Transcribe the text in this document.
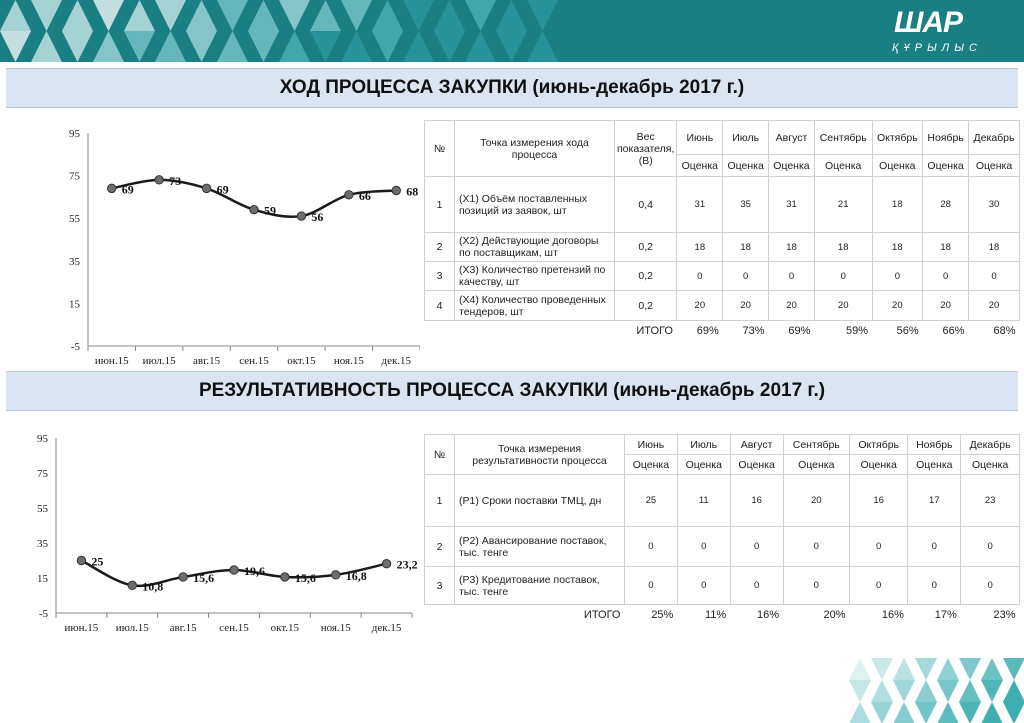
ШАР
ҚҰРЫЛЫС
ХОД ПРОЦЕССА ЗАКУПКИ (июнь-декабрь 2017 г.)
-5
15
35
55
75
95
июн.15 июл.15 авг.15 сен.15 окт.15 ноя.15 дек.15
69
73
69
59	56
66	68
№	Точка измерения хода процесса	Вес показателя, (В)	Июнь	Июль	Август	Сентябрь	Октябрь	Ноябрь	Декабрь
			Оценка	Оценка	Оценка	Оценка	Оценка	Оценка	Оценка
1	(Х1) Объём поставленных позиций из заявок, шт	0,4	31	35	31	21	18	28	30
2	(Х2) Действующие договоры по поставщикам, шт	0,2	18	18	18	18	18	18	18
3	(Х3) Количество претензий по качеству, шт	0,2	0	0	0	0	0	0	0
4	(Х4) Количество проведенных тендеров, шт	0,2	20	20	20	20	20	20	20
	ИТОГО		69%	73%	69%	59%	56%	66%	68%
РЕЗУЛЬТАТИВНОСТЬ ПРОЦЕССА ЗАКУПКИ (июнь-декабрь 2017 г.)
-5
15
35
55
75
95
июн.15 июл.15 авг.15 сен.15 окт.15 ноя.15 дек.15
25
10,8
15,6 19,6 15,6 16,8
23,2
№	Точка измерения результативности процесса	Июнь	Июль	Август	Сентябрь	Октябрь	Ноябрь	Декабрь
		Оценка	Оценка	Оценка	Оценка	Оценка	Оценка	Оценка
1	(Р1) Сроки поставки ТМЦ, дн	25	11	16	20	16	17	23
2	(Р2) Авансирование поставок, тыс. тенге	0	0	0	0	0	0	0
3	(Р3) Кредитование поставок, тыс. тенге	0	0	0	0	0	0	0
	ИТОГО	25%	11%	16%	20%	16%	17%	23%
